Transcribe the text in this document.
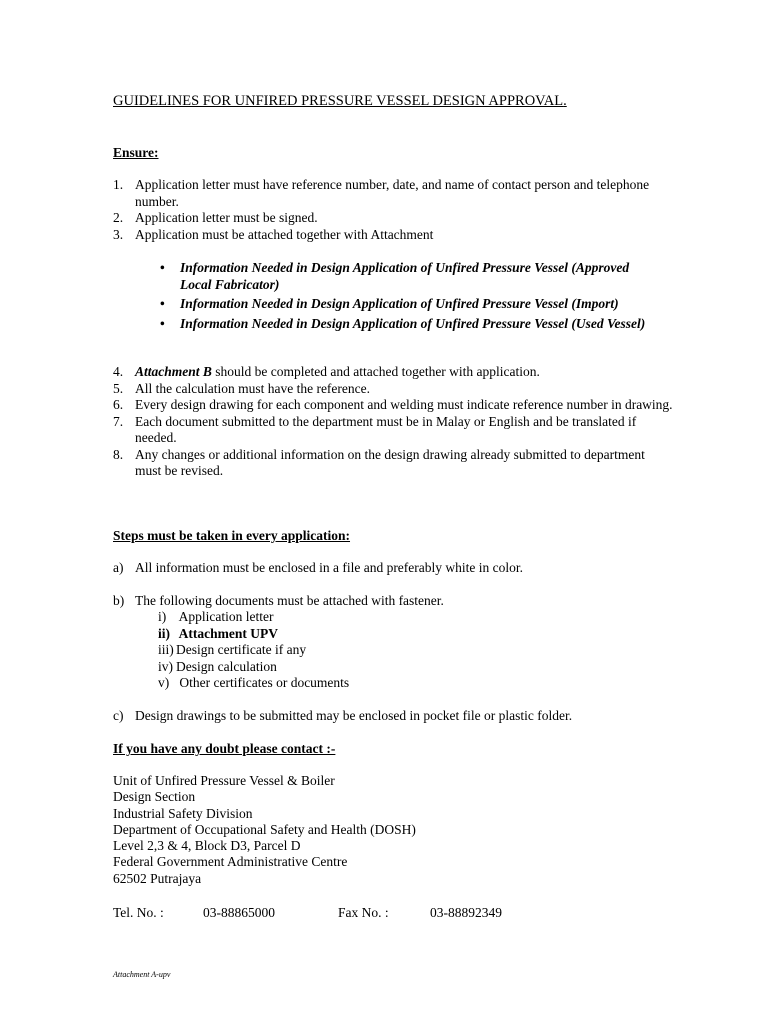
GUIDELINES FOR UNFIRED PRESSURE VESSEL DESIGN APPROVAL.
Ensure:
1. Application letter must have reference number, date, and name of contact person and telephone number.
2. Application letter must be signed.
3. Application must be attached together with Attachment
• Information Needed in Design Application of Unfired Pressure Vessel (Approved Local Fabricator)
• Information Needed in Design Application of Unfired Pressure Vessel (Import)
• Information Needed in Design Application of Unfired Pressure Vessel (Used Vessel)
4. Attachment B should be completed and attached together with application.
5. All the calculation must have the reference.
6. Every design drawing for each component and welding must indicate reference number in drawing.
7. Each document submitted to the department must be in Malay or English and be translated if needed.
8. Any changes or additional information on the design drawing already submitted to department must be revised.
Steps must be taken in every application:
a) All information must be enclosed in a file and preferably white in color.
b) The following documents must be attached with fastener.
i) Application letter
ii) Attachment UPV
iii) Design certificate if any
iv) Design calculation
v) Other certificates or documents
c) Design drawings to be submitted may be enclosed in pocket file or plastic folder.
If you have any doubt please contact :-
Unit of Unfired Pressure Vessel & Boiler
Design Section
Industrial Safety Division
Department of Occupational Safety and Health (DOSH)
Level 2,3 & 4, Block D3, Parcel D
Federal Government Administrative Centre
62502 Putrajaya
Tel. No. :	03-88865000	Fax No. :	03-88892349
Attachment A-upv
